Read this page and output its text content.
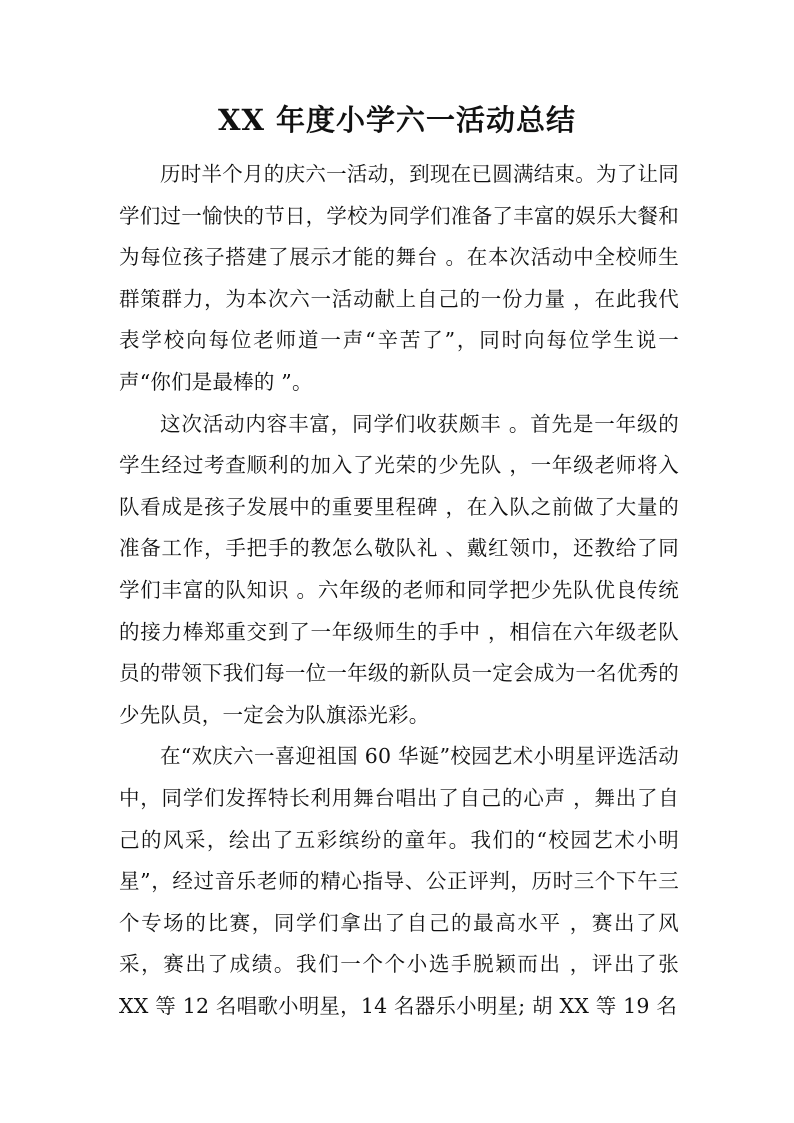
XX 年度小学六一活动总结

历时半个月的庆六一活动，到现在已圆满结束。为了让同学们过一愉快的节日，学校为同学们准备了丰富的娱乐大餐和为每位孩子搭建了展示才能的舞台 。在本次活动中全校师生群策群力，为本次六一活动献上自己的一份力量 ，在此我代表学校向每位老师道一声“辛苦了”，同时向每位学生说一声“你们是最棒的 ”。

这次活动内容丰富，同学们收获颇丰 。首先是一年级的学生经过考查顺利的加入了光荣的少先队 ，一年级老师将入队看成是孩子发展中的重要里程碑 ，在入队之前做了大量的准备工作，手把手的教怎么敬队礼 、戴红领巾，还教给了同学们丰富的队知识 。六年级的老师和同学把少先队优良传统的接力棒郑重交到了一年级师生的手中 ，相信在六年级老队员的带领下我们每一位一年级的新队员一定会成为一名优秀的少先队员，一定会为队旗添光彩。

在“欢庆六一喜迎祖国 60 华诞”校园艺术小明星评选活动中，同学们发挥特长利用舞台唱出了自己的心声 ，舞出了自己的风采，绘出了五彩缤纷的童年。我们的“校园艺术小明星”，经过音乐老师的精心指导、公正评判，历时三个下午三个专场的比赛，同学们拿出了自己的最高水平 ，赛出了风采，赛出了成绩。我们一个个小选手脱颖而出 ，评出了张 XX 等 12 名唱歌小明星，14 名器乐小明星; 胡 XX 等 19 名
